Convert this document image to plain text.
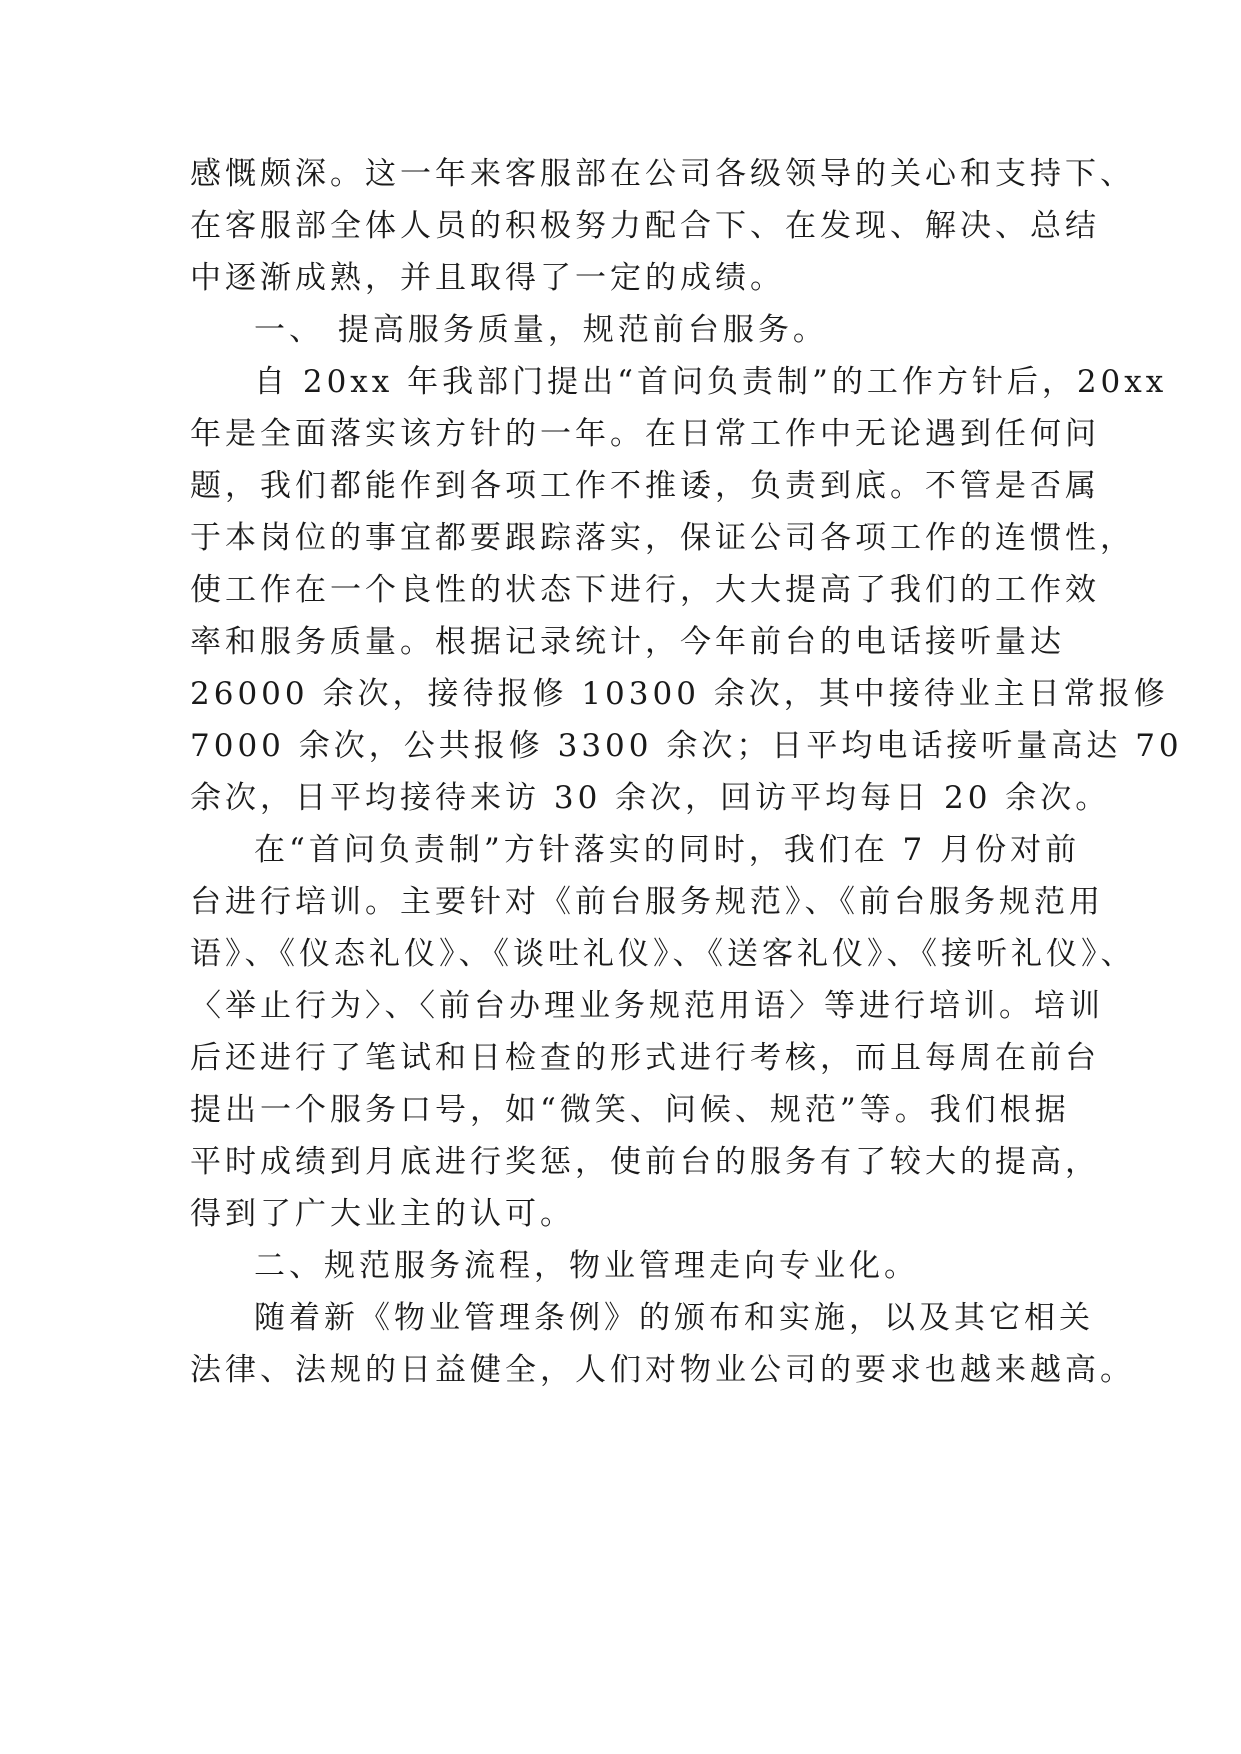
感慨颇深。这一年来客服部在公司各级领导的关心和支持下、
在客服部全体人员的积极努力配合下、在发现、解决、总结
中逐渐成熟，并且取得了一定的成绩。
一、 提高服务质量，规范前台服务。
自 20xx 年我部门提出“首问负责制”的工作方针后，20xx
年是全面落实该方针的一年。在日常工作中无论遇到任何问
题，我们都能作到各项工作不推诿，负责到底。不管是否属
于本岗位的事宜都要跟踪落实，保证公司各项工作的连惯性，
使工作在一个良性的状态下进行，大大提高了我们的工作效
率和服务质量。根据记录统计，今年前台的电话接听量达
26000 余次，接待报修 10300 余次，其中接待业主日常报修
7000 余次，公共报修 3300 余次；日平均电话接听量高达 70
余次，日平均接待来访 30 余次，回访平均每日 20 余次。
在“首问负责制”方针落实的同时，我们在 7 月份对前
台进行培训。主要针对《前台服务规范》、《前台服务规范用
语》、《仪态礼仪》、《谈吐礼仪》、《送客礼仪》、《接听礼仪》、
〈举止行为〉、〈前台办理业务规范用语〉等进行培训。培训
后还进行了笔试和日检查的形式进行考核，而且每周在前台
提出一个服务口号，如“微笑、问候、规范”等。我们根据
平时成绩到月底进行奖惩，使前台的服务有了较大的提高，
得到了广大业主的认可。
二、规范服务流程，物业管理走向专业化。
随着新《物业管理条例》的颁布和实施，以及其它相关
法律、法规的日益健全，人们对物业公司的要求也越来越高。
